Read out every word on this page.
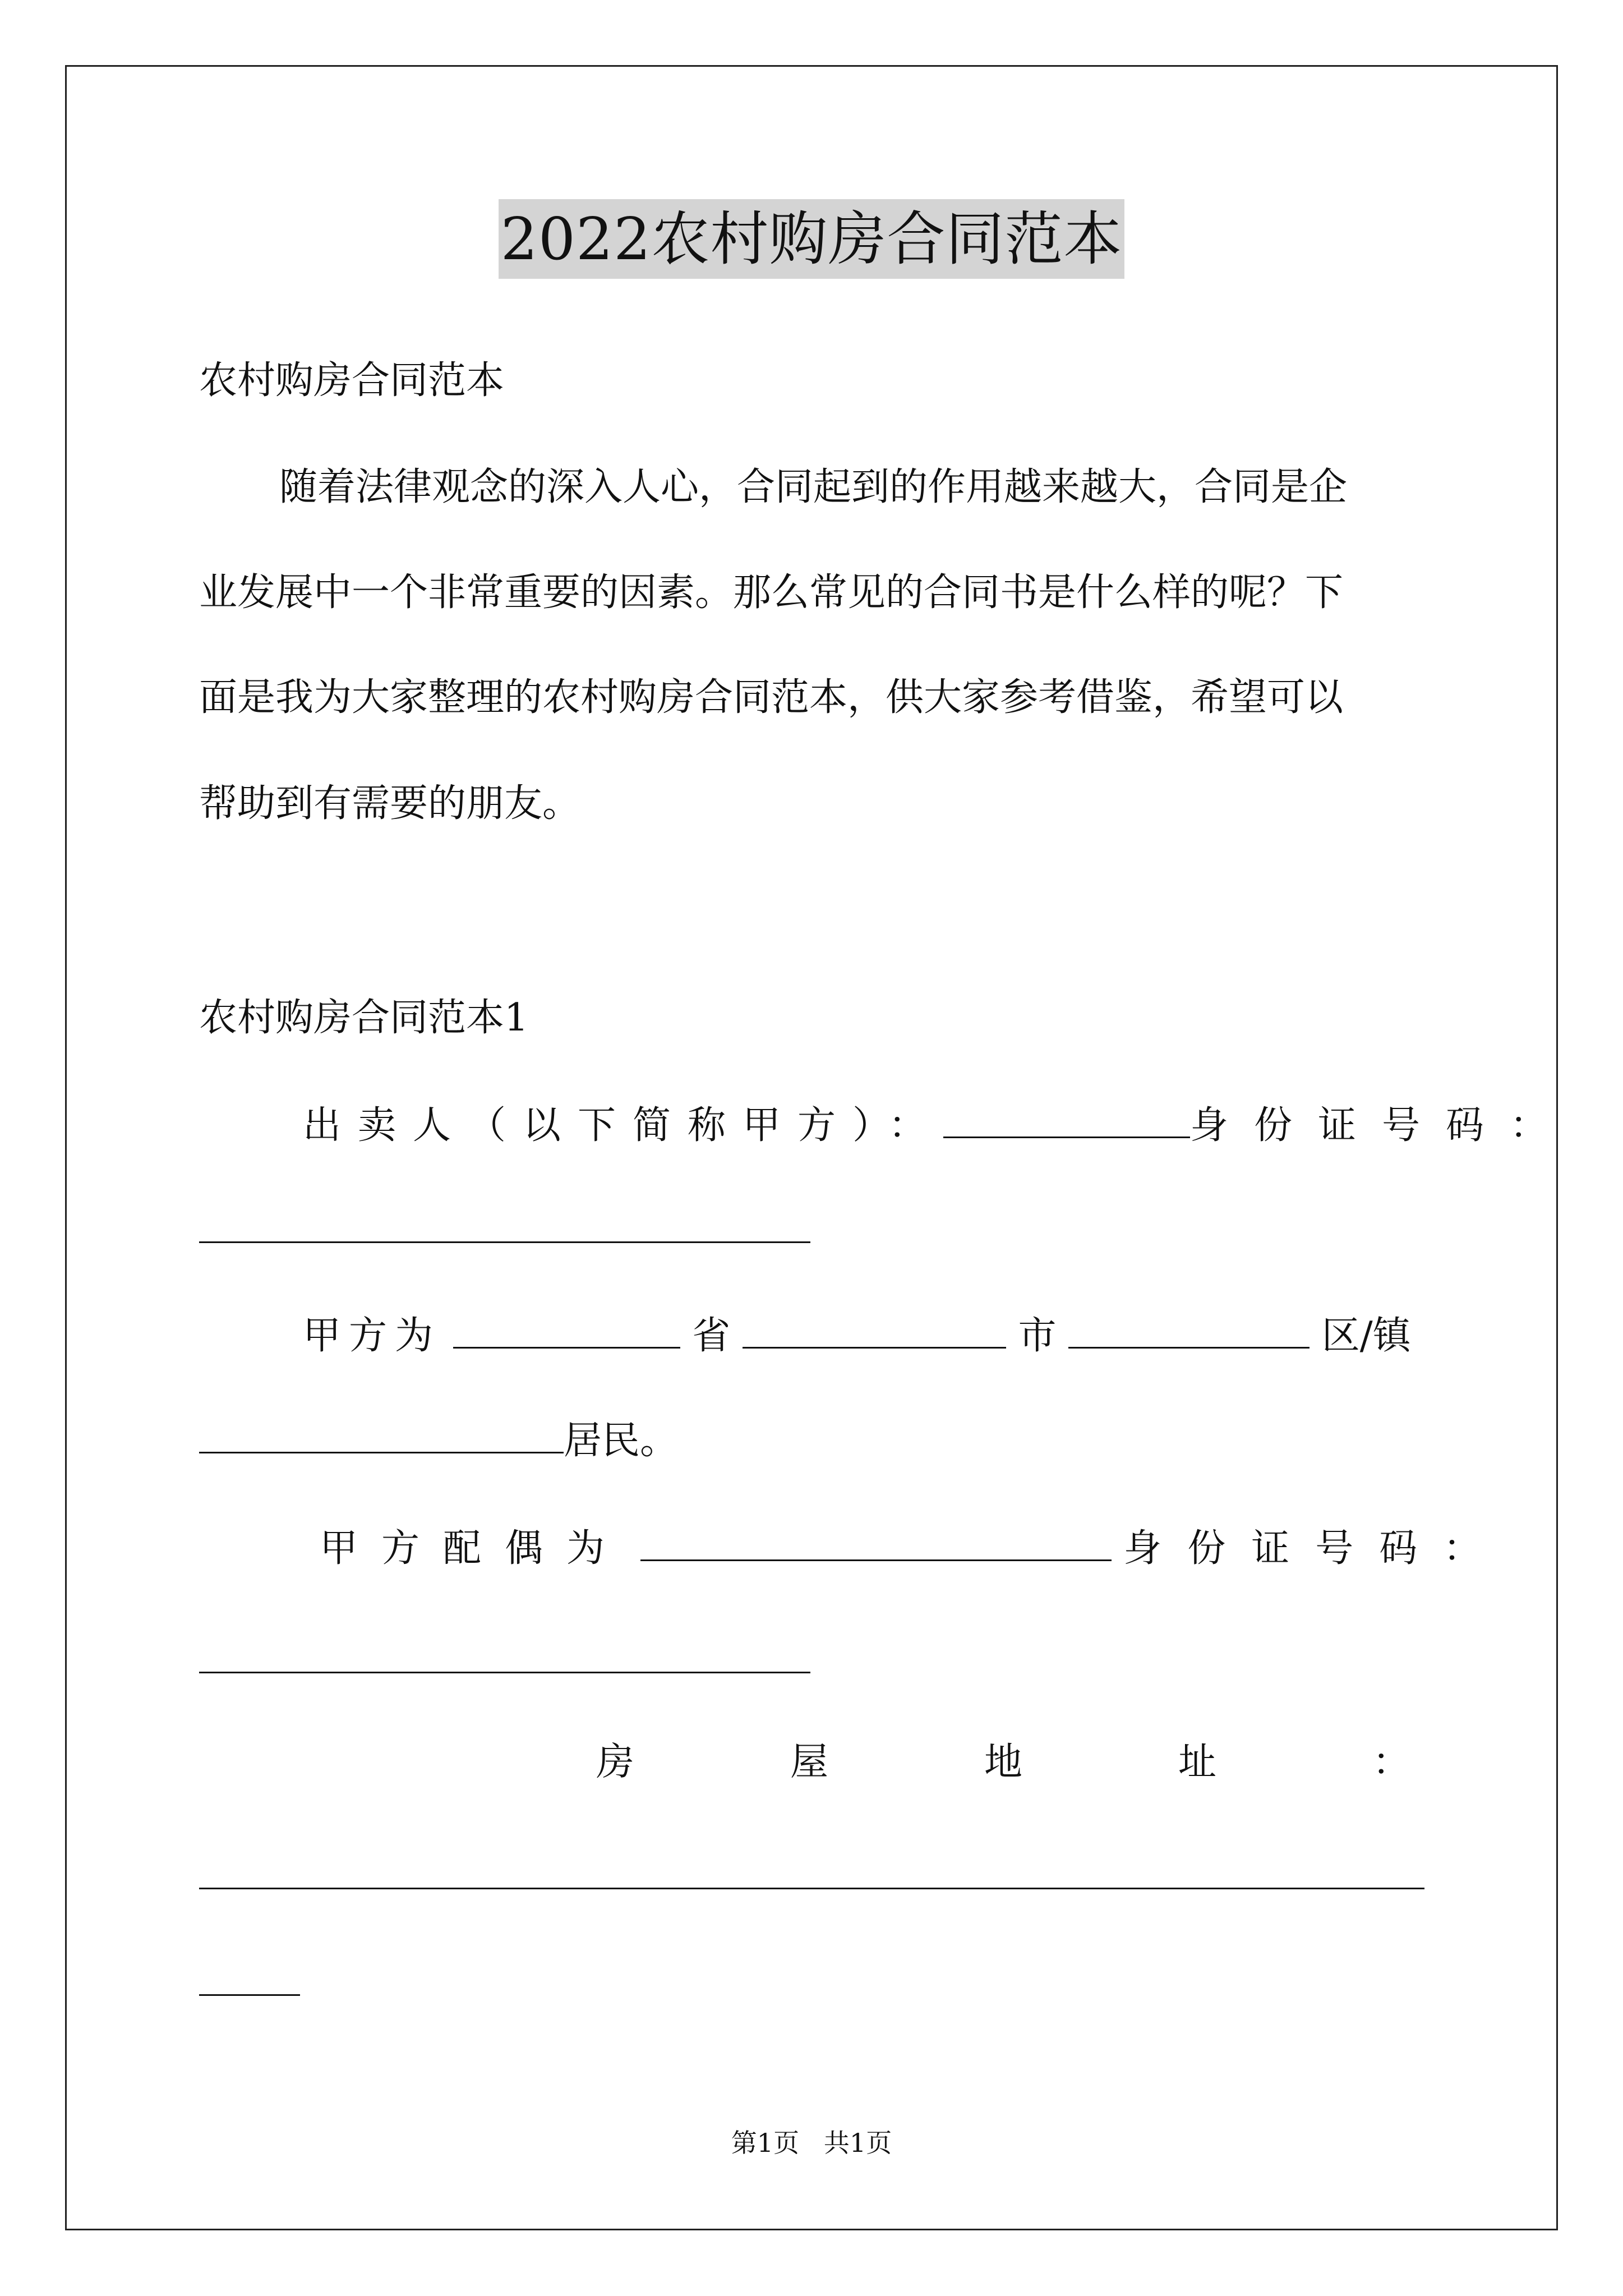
2022农村购房合同范本
农村购房合同范本
随着法律观念的深入人心，合同起到的作用越来越大，合同是企
业发展中一个非常重要的因素。那么常见的合同书是什么样的呢？下
面是我为大家整理的农村购房合同范本，供大家参考借鉴，希望可以
帮助到有需要的朋友。
农村购房合同范本1
出卖人（以下简称甲方）：	身份证号码：
甲方为	省	市	区/镇
居民。
甲方配偶为	身份证号码：
房	屋	地	址	：
第1页   共1页
